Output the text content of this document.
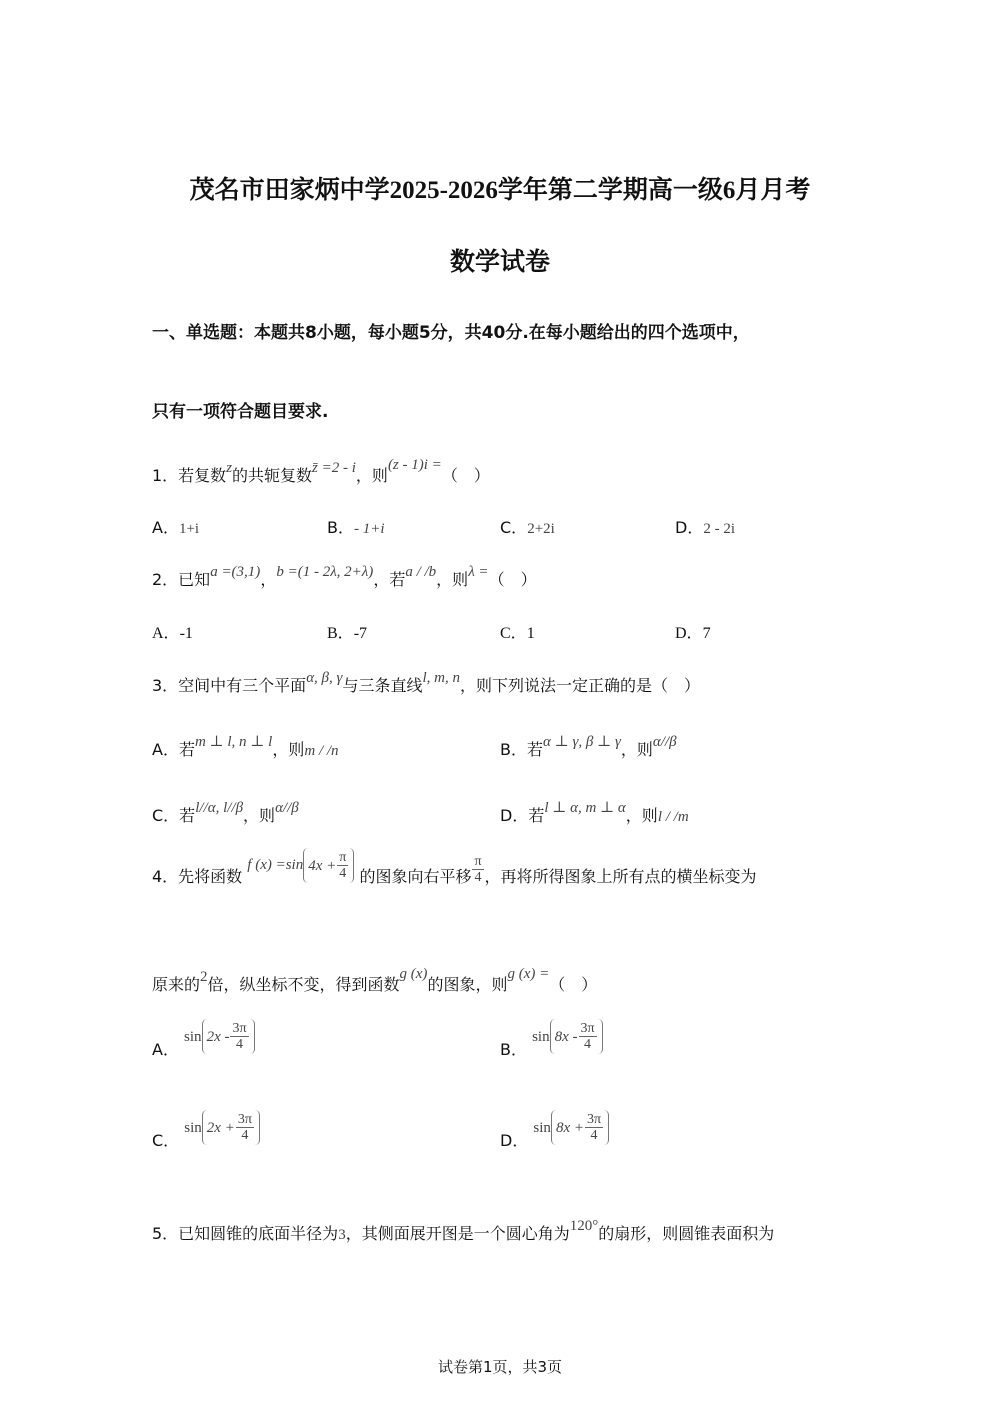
茂名市田家炳中学2025-2026学年第二学期高一级6月月考
数学试卷
一、单选题：本题共8小题，每小题5分，共40分.在每小题给出的四个选项中，
只有一项符合题目要求.
1．若复数z的共轭复数z̄ =2 - i，则(z - 1)i =（　）
A．1+i	B．- 1+i	C．2+2i	D．2 - 2i
2．已知a =(3,1)，b =(1 - 2λ, 2+λ)，若a / /b，则λ =（　）
A．-1	B．-7	C．1	D．7
3．空间中有三个平面α, β, γ与三条直线l, m, n，则下列说法一定正确的是（　）
A．若m ⊥ l, n ⊥ l，则m / /n	B．若α ⊥ γ, β ⊥ γ，则α//β
C．若l//α, l//β，则α//β	D．若l ⊥ α, m ⊥ α，则l / /m
4．先将函数 f (x) =sin $4x + \frac{\pi}{4}$ 的图象向右平移 $\frac{\pi}{4}$ ，再将所得图象上所有点的横坐标变为
原来的2倍，纵坐标不变，得到函数g (x)的图象，则g (x) =（　）
A． $\sin 2x - \frac{3\pi}{4}$	B． $\sin 8x - \frac{3\pi}{4}$
C． $\sin 2x + \frac{3\pi}{4}$	D． $\sin 8x + \frac{3\pi}{4}$
5．已知圆锥的底面半径为3，其侧面展开图是一个圆心角为120°的扇形，则圆锥表面积为
试卷第1页，共3页
